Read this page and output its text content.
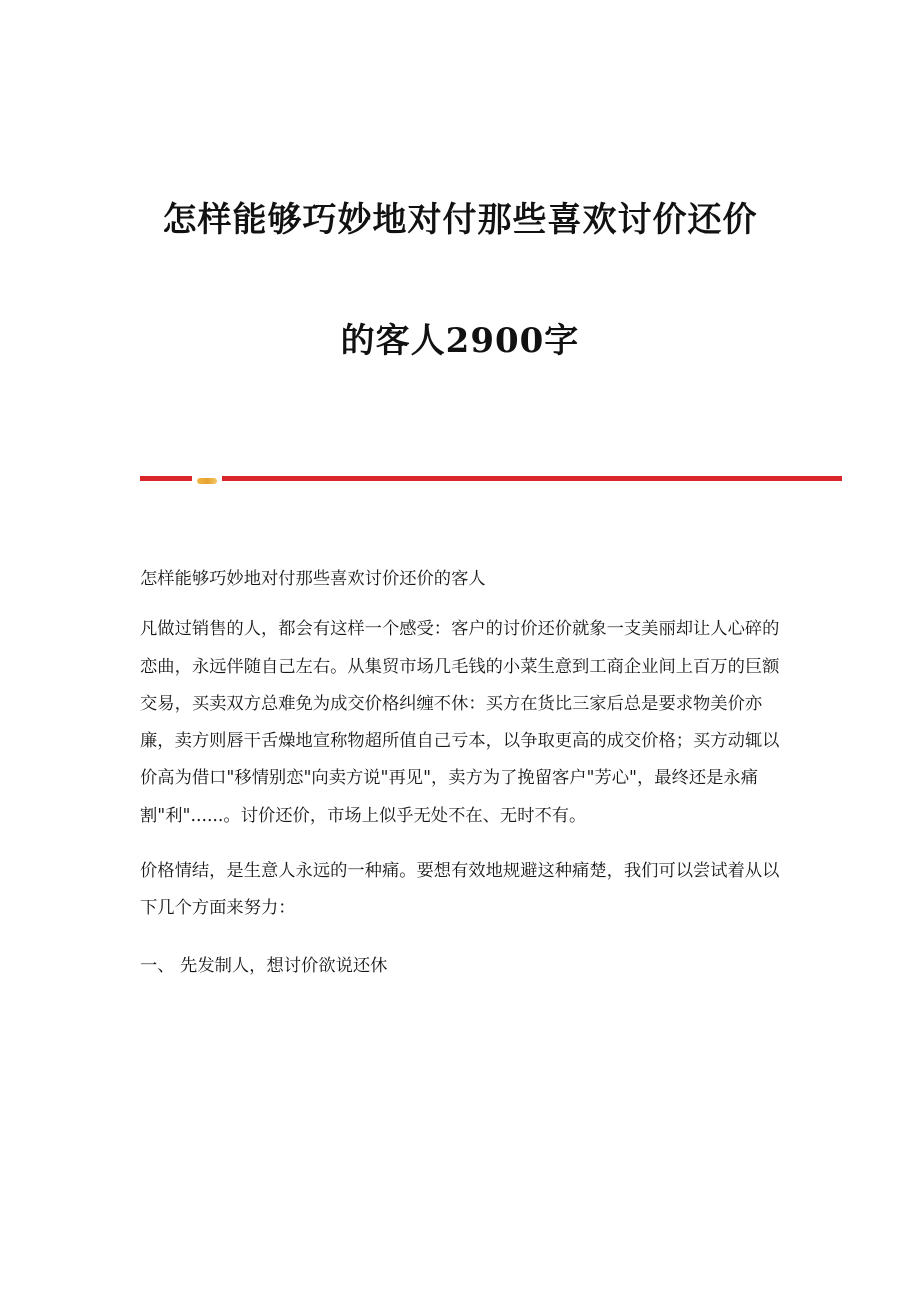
怎样能够巧妙地对付那些喜欢讨价还价
的客人2900字

怎样能够巧妙地对付那些喜欢讨价还价的客人

凡做过销售的人，都会有这样一个感受：客户的讨价还价就象一支美丽却让人心碎的恋曲，永远伴随自己左右。从集贸市场几毛钱的小菜生意到工商企业间上百万的巨额交易，买卖双方总难免为成交价格纠缠不休：买方在货比三家后总是要求物美价亦廉，卖方则唇干舌燥地宣称物超所值自己亏本，以争取更高的成交价格；买方动辄以价高为借口"移情别恋"向卖方说"再见"，卖方为了挽留客户"芳心"，最终还是永痛割"利"......。讨价还价，市场上似乎无处不在、无时不有。

价格情结，是生意人永远的一种痛。要想有效地规避这种痛楚，我们可以尝试着从以下几个方面来努力：

一、 先发制人，想讨价欲说还休
